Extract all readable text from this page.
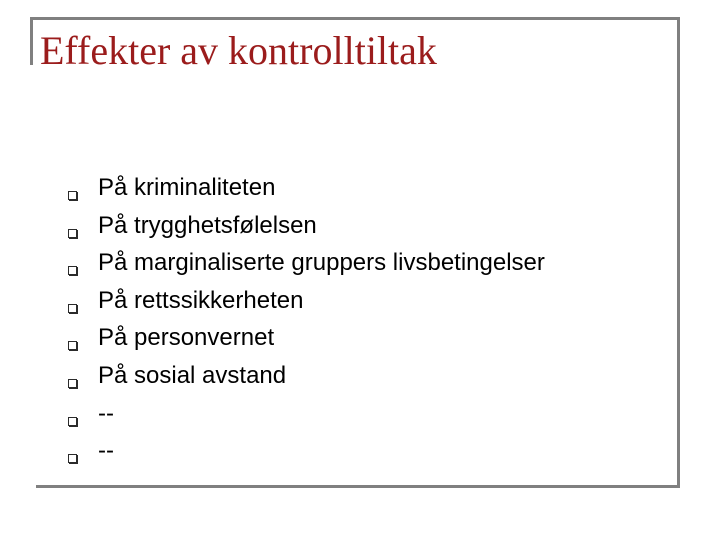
Effekter av kontrolltiltak
På kriminaliteten
På trygghetsfølelsen
På marginaliserte gruppers livsbetingelser
På rettssikkerheten
På personvernet
På sosial avstand
--
--
